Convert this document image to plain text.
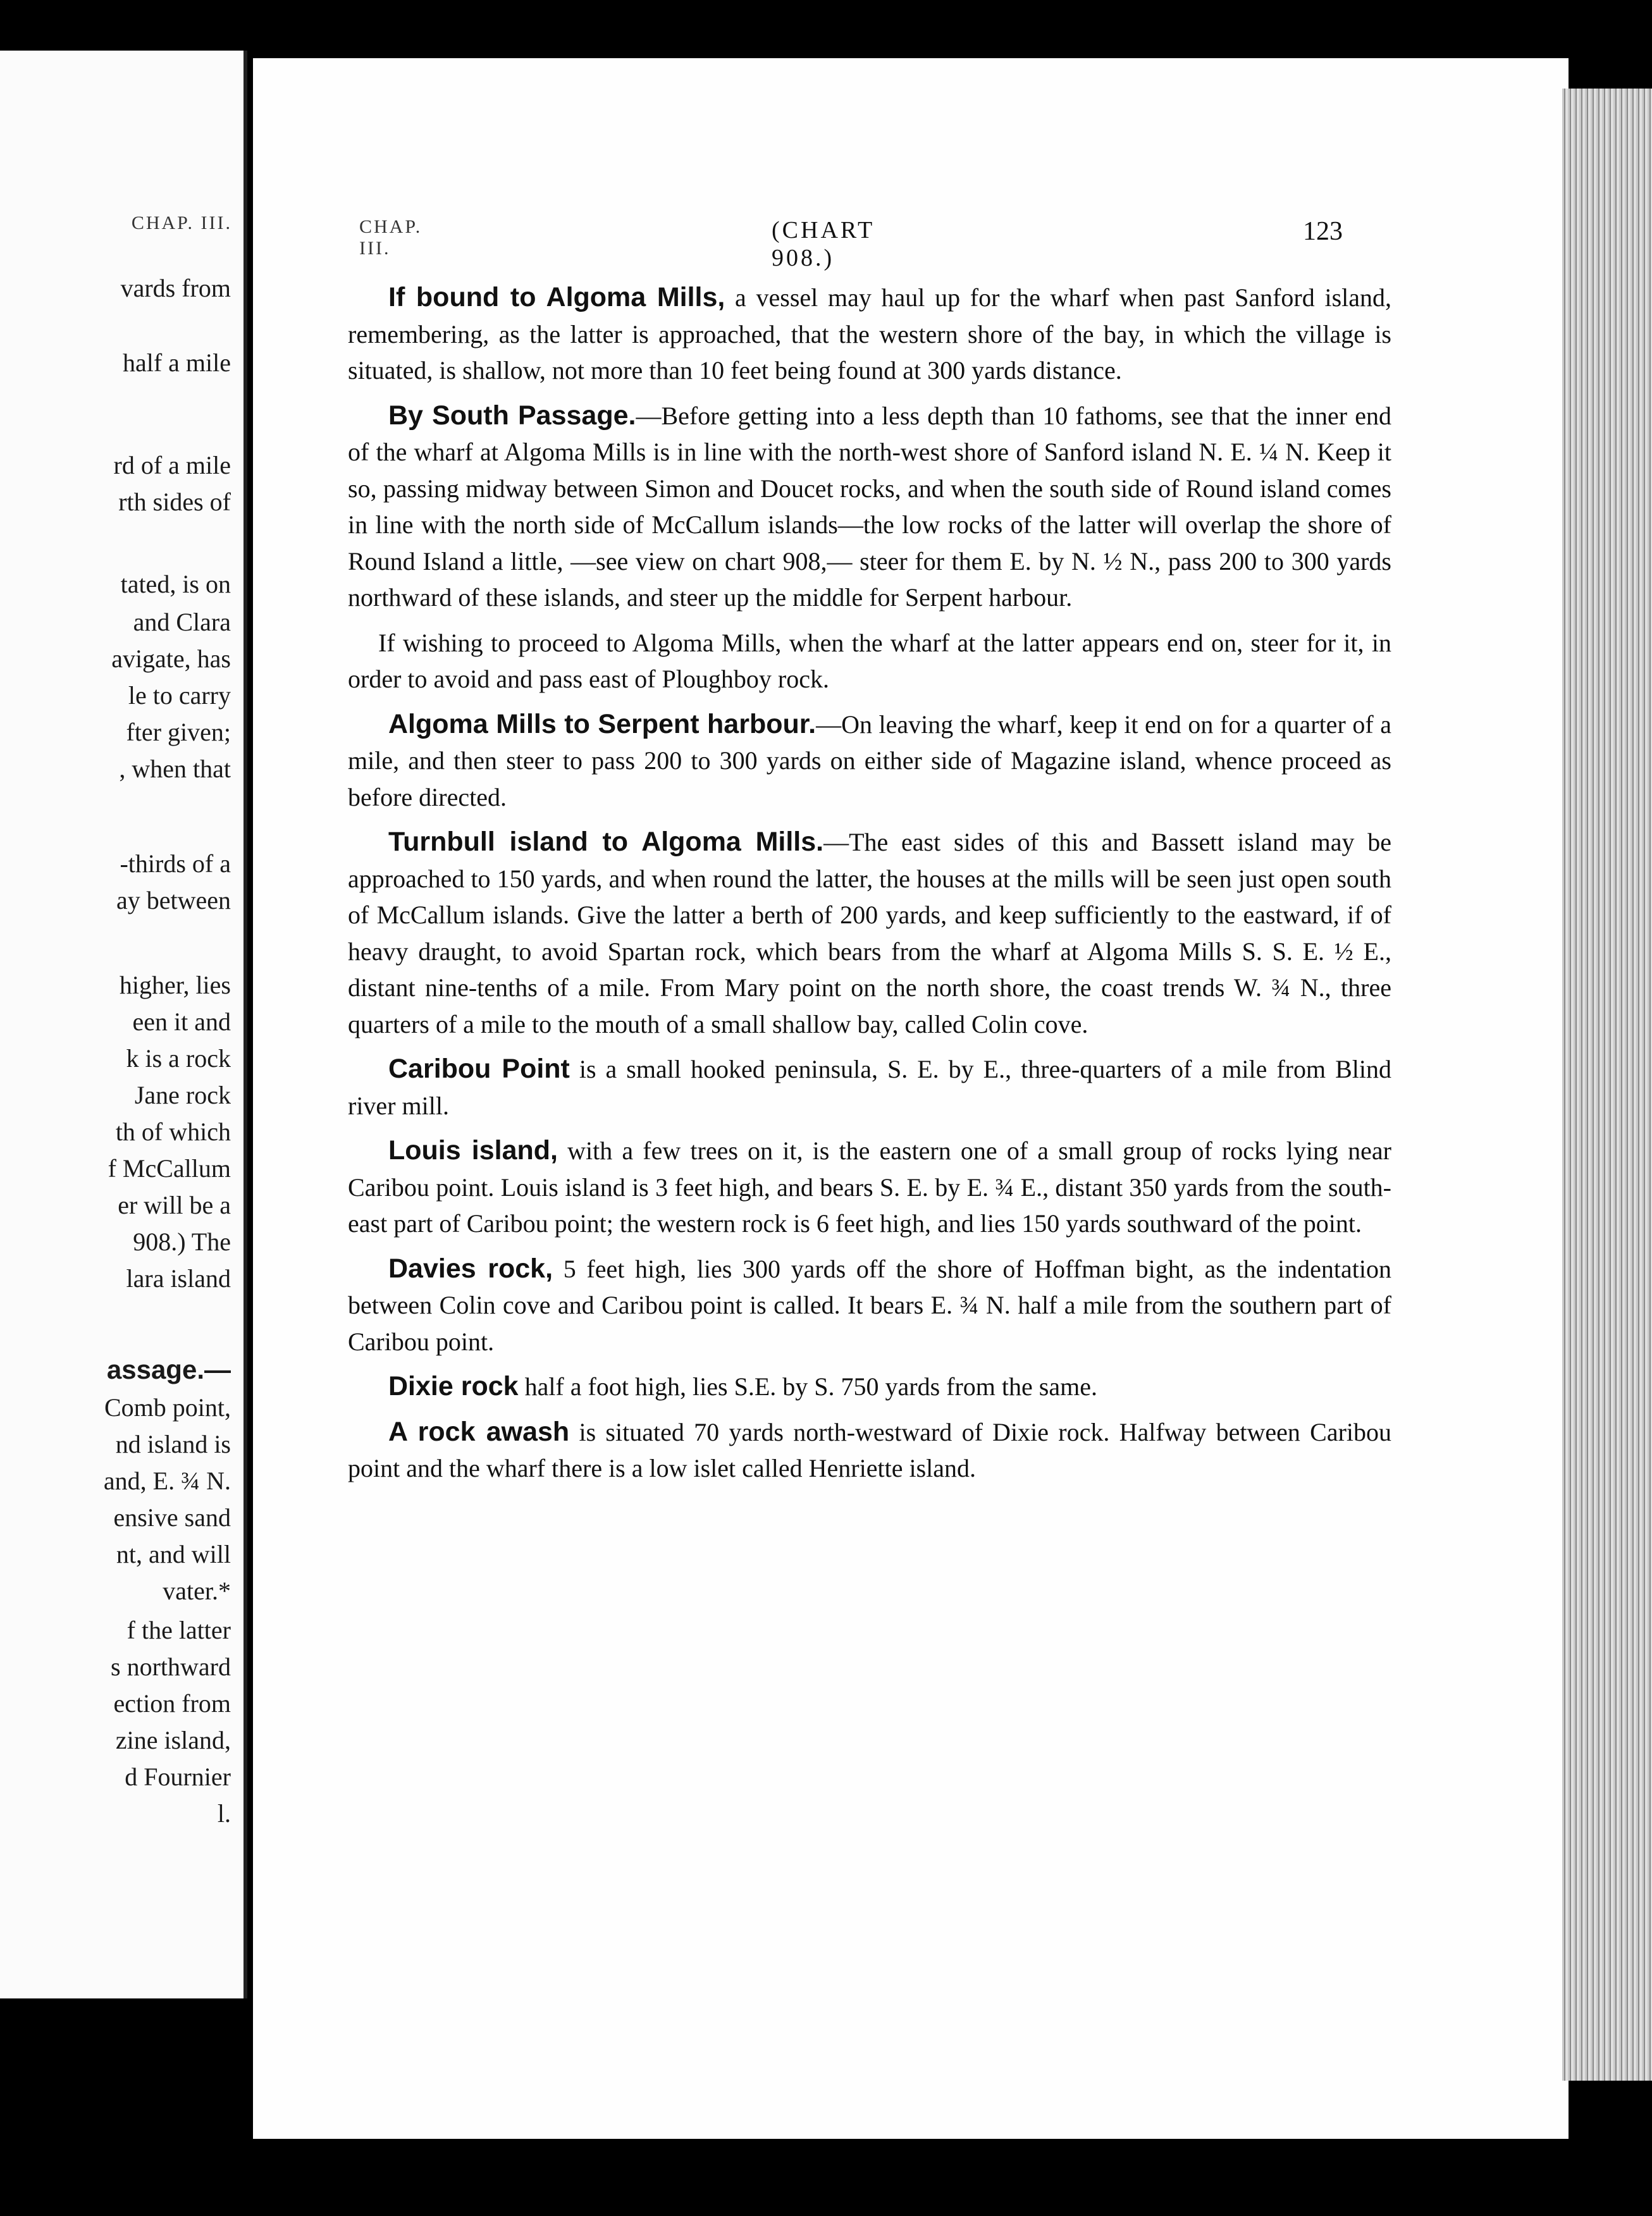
CHAP. III.
vards from
half a mile
rd of a mile
rth sides of
tated, is on
and Clara
avigate, has
le to carry
fter given;
, when that
-thirds of a
ay between
higher, lies
een it and
k is a rock
Jane rock
th of which
f McCallum
er will be a
908.) The
lara island
assage.—
Comb point,
nd island is
and, E. ¾ N.
ensive sand
nt, and will
vater.*
f the latter
s northward
ection from
zine island,
d Fournier
l.
CHAP. III.
(CHART 908.)
123

If bound to Algoma Mills, a vessel may haul up for the wharf when past Sanford island, remembering, as the latter is approached, that the western shore of the bay, in which the village is situated, is shallow, not more than 10 feet being found at 300 yards distance.

By South Passage.—Before getting into a less depth than 10 fathoms, see that the inner end of the wharf at Algoma Mills is in line with the north-west shore of Sanford island N. E. ¼ N. Keep it so, passing midway between Simon and Doucet rocks, and when the south side of Round island comes in line with the north side of McCallum islands—the low rocks of the latter will overlap the shore of Round Island a little, —see view on chart 908,— steer for them E. by N. ½ N., pass 200 to 300 yards northward of these islands, and steer up the middle for Serpent harbour.

If wishing to proceed to Algoma Mills, when the wharf at the latter appears end on, steer for it, in order to avoid and pass east of Ploughboy rock.

Algoma Mills to Serpent harbour.—On leaving the wharf, keep it end on for a quarter of a mile, and then steer to pass 200 to 300 yards on either side of Magazine island, whence proceed as before directed.

Turnbull island to Algoma Mills.—The east sides of this and Bassett island may be approached to 150 yards, and when round the latter, the houses at the mills will be seen just open south of McCallum islands. Give the latter a berth of 200 yards, and keep sufficiently to the eastward, if of heavy draught, to avoid Spartan rock, which bears from the wharf at Algoma Mills S. S. E. ½ E., distant nine-tenths of a mile. From Mary point on the north shore, the coast trends W. ¾ N., three quarters of a mile to the mouth of a small shallow bay, called Colin cove.

Caribou Point is a small hooked peninsula, S. E. by E., three-quarters of a mile from Blind river mill.

Louis island, with a few trees on it, is the eastern one of a small group of rocks lying near Caribou point. Louis island is 3 feet high, and bears S. E. by E. ¾ E., distant 350 yards from the south-east part of Caribou point; the western rock is 6 feet high, and lies 150 yards southward of the point.

Davies rock, 5 feet high, lies 300 yards off the shore of Hoffman bight, as the indentation between Colin cove and Caribou point is called. It bears E. ¾ N. half a mile from the southern part of Caribou point.

Dixie rock half a foot high, lies S.E. by S. 750 yards from the same.

A rock awash is situated 70 yards north-westward of Dixie rock. Halfway between Caribou point and the wharf there is a low islet called Henriette island.
